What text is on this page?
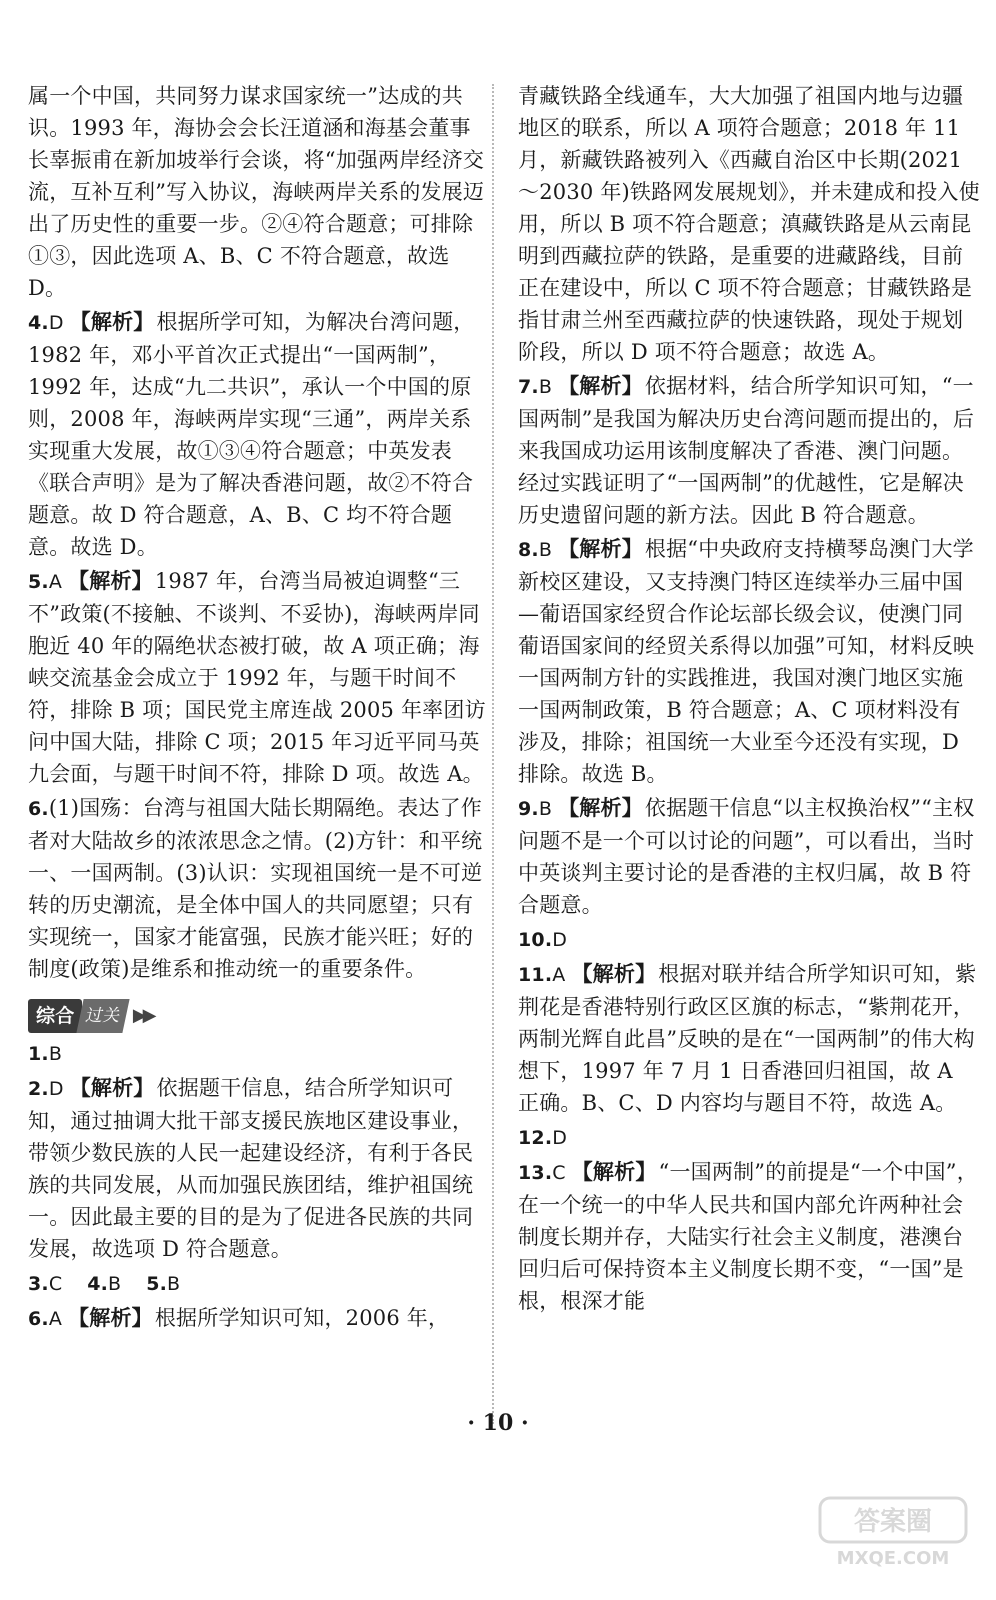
属一个中国，共同努力谋求国家统一”达成的共识。1993 年，海协会会长汪道涵和海基会董事长辜振甫在新加坡举行会谈，将“加强两岸经济交流，互补互利”写入协议，海峡两岸关系的发展迈出了历史性的重要一步。②④符合题意；可排除①③，因此选项 A、B、C 不符合题意，故选 D。
4.D 【解析】根据所学可知，为解决台湾问题，1982 年，邓小平首次正式提出“一国两制”，1992 年，达成“九二共识”，承认一个中国的原则，2008 年，海峡两岸实现“三通”，两岸关系实现重大发展，故①③④符合题意；中英发表《联合声明》是为了解决香港问题，故②不符合题意。故 D 符合题意，A、B、C 均不符合题意。故选 D。
5.A 【解析】1987 年，台湾当局被迫调整“三不”政策(不接触、不谈判、不妥协)，海峡两岸同胞近 40 年的隔绝状态被打破，故 A 项正确；海峡交流基金会成立于 1992 年，与题干时间不符，排除 B 项；国民党主席连战 2005 年率团访问中国大陆，排除 C 项；2015 年习近平同马英九会面，与题干时间不符，排除 D 项。故选 A。
6.(1)国殇：台湾与祖国大陆长期隔绝。表达了作者对大陆故乡的浓浓思念之情。(2)方针：和平统一、一国两制。(3)认识：实现祖国统一是不可逆转的历史潮流，是全体中国人的共同愿望；只有实现统一，国家才能富强，民族才能兴旺；好的制度(政策)是维系和推动统一的重要条件。
综合 过关 ▶▶
1.B
2.D 【解析】依据题干信息，结合所学知识可知，通过抽调大批干部支援民族地区建设事业，带领少数民族的人民一起建设经济，有利于各民族的共同发展，从而加强民族团结，维护祖国统一。因此最主要的目的是为了促进各民族的共同发展，故选项 D 符合题意。
3.C 4.B 5.B
6.A 【解析】根据所学知识可知，2006 年，
青藏铁路全线通车，大大加强了祖国内地与边疆地区的联系，所以 A 项符合题意；2018 年 11 月，新藏铁路被列入《西藏自治区中长期(2021～2030 年)铁路网发展规划》，并未建成和投入使用，所以 B 项不符合题意；滇藏铁路是从云南昆明到西藏拉萨的铁路，是重要的进藏路线，目前正在建设中，所以 C 项不符合题意；甘藏铁路是指甘肃兰州至西藏拉萨的快速铁路，现处于规划阶段，所以 D 项不符合题意；故选 A。
7.B 【解析】依据材料，结合所学知识可知，“一国两制”是我国为解决历史台湾问题而提出的，后来我国成功运用该制度解决了香港、澳门问题。经过实践证明了“一国两制”的优越性，它是解决历史遗留问题的新方法。因此 B 符合题意。
8.B 【解析】根据“中央政府支持横琴岛澳门大学新校区建设，又支持澳门特区连续举办三届中国—葡语国家经贸合作论坛部长级会议，使澳门同葡语国家间的经贸关系得以加强”可知，材料反映一国两制方针的实践推进，我国对澳门地区实施一国两制政策，B 符合题意；A、C 项材料没有涉及，排除；祖国统一大业至今还没有实现，D 排除。故选 B。
9.B 【解析】依据题干信息“以主权换治权”“主权问题不是一个可以讨论的问题”，可以看出，当时中英谈判主要讨论的是香港的主权归属，故 B 符合题意。
10.D
11.A 【解析】根据对联并结合所学知识可知，紫荆花是香港特别行政区区旗的标志，“紫荆花开，两制光辉自此昌”反映的是在“一国两制”的伟大构想下，1997 年 7 月 1 日香港回归祖国，故 A 正确。B、C、D 内容均与题目不符，故选 A。
12.D
13.C 【解析】“一国两制”的前提是“一个中国”，在一个统一的中华人民共和国内部允许两种社会制度长期并存，大陆实行社会主义制度，港澳台回归后可保持资本主义制度长期不变，“一国”是根，根深才能
· 10 ·
答案圈
MXQE.COM
